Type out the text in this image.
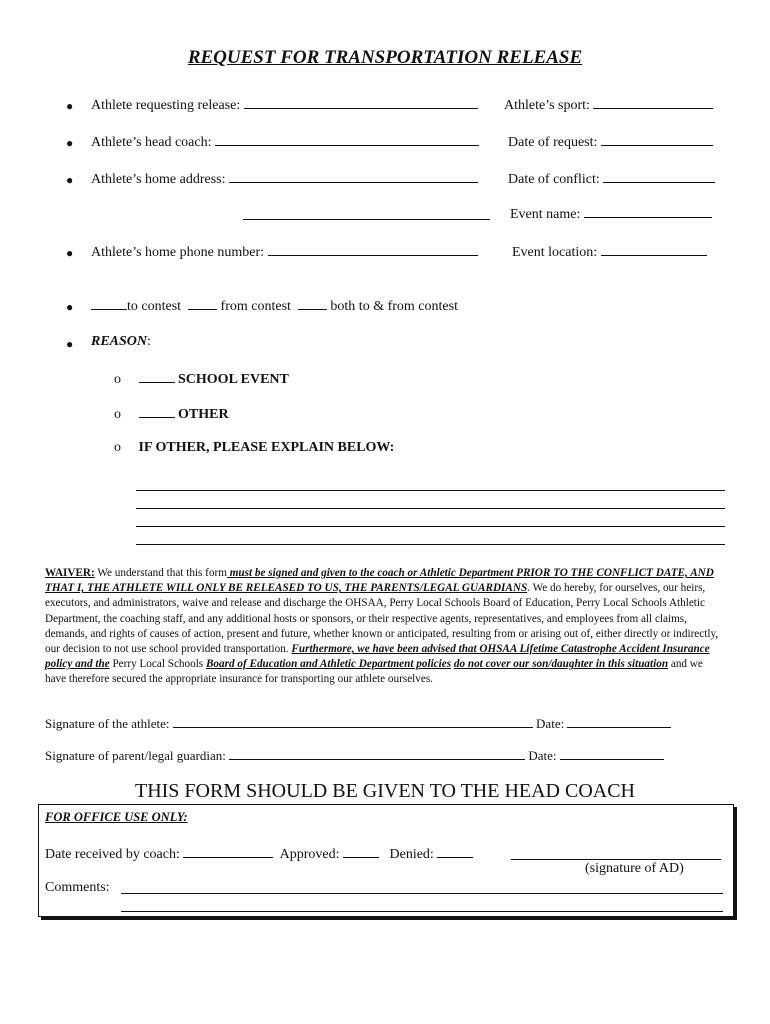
REQUEST FOR TRANSPORTATION RELEASE
● Athlete requesting release:	Athlete’s sport:
● Athlete’s head coach:	Date of request:
● Athlete’s home address:	Date of conflict:
Event name:
● Athlete’s home phone number:	Event location:
●	to contest	from contest	both to & from contest
● REASON:
o	SCHOOL EVENT
o	OTHER
o IF OTHER, PLEASE EXPLAIN BELOW:
WAIVER: We understand that this form must be signed and given to the coach or Athletic Department PRIOR TO THE CONFLICT DATE, AND THAT I, THE ATHLETE WILL ONLY BE RELEASED TO US, THE PARENTS/LEGAL GUARDIANS. We do hereby, for ourselves, our heirs, executors, and administrators, waive and release and discharge the OHSAA, Perry Local Schools Board of Education, Perry Local Schools Athletic Department, the coaching staff, and any additional hosts or sponsors, or their respective agents, representatives, and employees from all claims, demands, and rights of causes of action, present and future, whether known or anticipated, resulting from or arising out of, either directly or indirectly, our decision to not use school provided transportation. Furthermore, we have been advised that OHSAA Lifetime Catastrophe Accident Insurance policy and the Perry Local Schools Board of Education and Athletic Department policies do not cover our son/daughter in this situation and we have therefore secured the appropriate insurance for transporting our athlete ourselves.
Signature of the athlete:	Date:
Signature of parent/legal guardian:	Date:
THIS FORM SHOULD BE GIVEN TO THE HEAD COACH
FOR OFFICE USE ONLY:
Date received by coach:	Approved:	Denied:
(signature of AD)
Comments:
